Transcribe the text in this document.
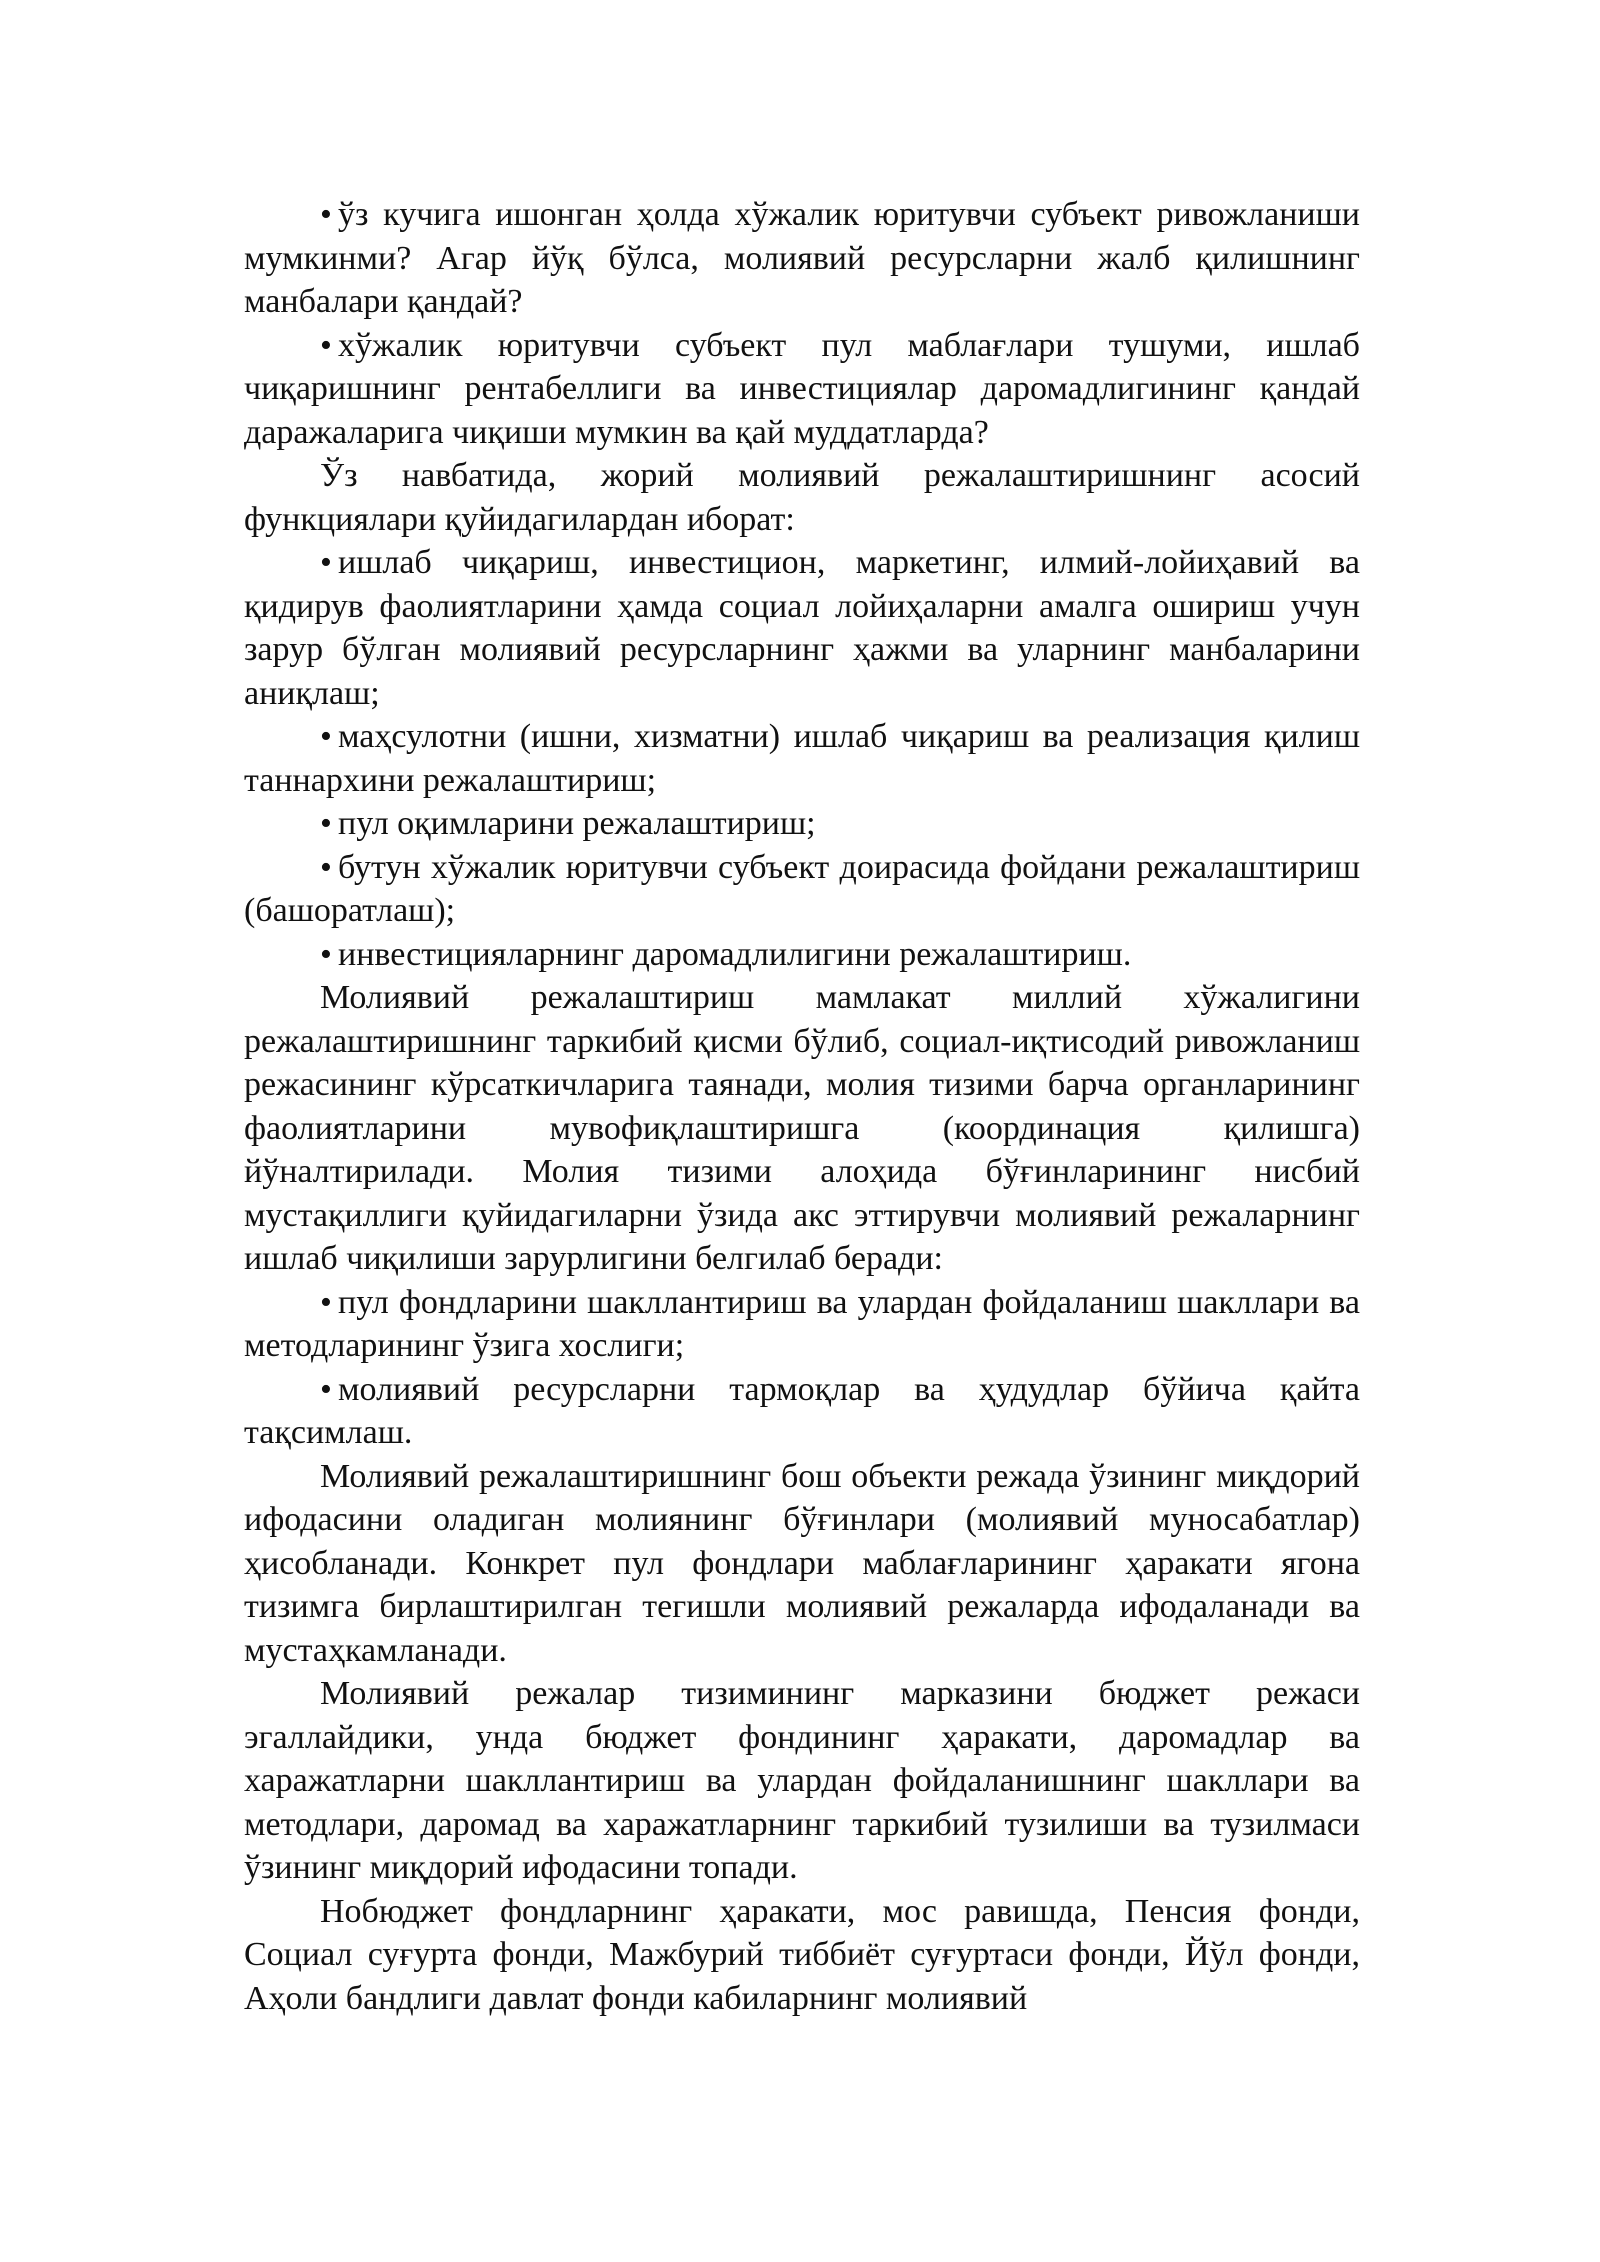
• ўз кучига ишонган ҳолда хўжалик юритувчи субъект ривожланиши мумкинми? Агар йўқ бўлса, молиявий ресурсларни жалб қилишнинг манбалари қандай?

• хўжалик юритувчи субъект пул маблағлари тушуми, ишлаб чиқаришнинг рентабеллиги ва инвестициялар даромадлигининг қандай даражаларига чиқиши мумкин ва қай муддатларда?

Ўз навбатида, жорий молиявий режалаштиришнинг асосий функциялари қуйидагилардан иборат:

• ишлаб чиқариш, инвестицион, маркетинг, илмий-лойиҳавий ва қидирув фаолиятларини ҳамда социал лойиҳаларни амалга ошириш учун зарур бўлган молиявий ресурсларнинг ҳажми ва уларнинг манбаларини аниқлаш;

• маҳсулотни (ишни, хизматни) ишлаб чиқариш ва реализация қилиш таннархини режалаштириш;

• пул оқимларини режалаштириш;

• бутун хўжалик юритувчи субъект доирасида фойдани режалаштириш (башоратлаш);

• инвестицияларнинг даромадлилигини режалаштириш.

Молиявий режалаштириш мамлакат миллий хўжалигини режалаштиришнинг таркибий қисми бўлиб, социал-иқтисодий ривожланиш режасининг кўрсаткичларига таянади, молия тизими барча органларининг фаолиятларини мувофиқлаштиришга (координация қилишга) йўналтирилади. Молия тизими алоҳида бўғинларининг нисбий мустақиллиги қуйидагиларни ўзида акс эттирувчи молиявий режаларнинг ишлаб чиқилиши зарурлигини белгилаб беради:

• пул фондларини шакллантириш ва улардан фойдаланиш шакллари ва методларининг ўзига хослиги;

• молиявий ресурсларни тармоқлар ва ҳудудлар бўйича қайта тақсимлаш.

Молиявий режалаштиришнинг бош объекти режада ўзининг миқдорий ифодасини оладиган молиянинг бўғинлари (молиявий муносабатлар) ҳисобланади. Конкрет пул фондлари маблағларининг ҳаракати ягона тизимга бирлаштирилган тегишли молиявий режаларда ифодаланади ва мустаҳкамланади.

Молиявий режалар тизимининг марказини бюджет режаси эгаллайдики, унда бюджет фондининг ҳаракати, даромадлар ва харажатларни шакллантириш ва улардан фойдаланишнинг шакллари ва методлари, даромад ва харажатларнинг таркибий тузилиши ва тузилмаси ўзининг миқдорий ифодасини топади.

Нобюджет фондларнинг ҳаракати, мос равишда, Пенсия фонди, Социал суғурта фонди, Мажбурий тиббиёт суғуртаси фонди, Йўл фонди, Аҳоли бандлиги давлат фонди кабиларнинг молиявий
